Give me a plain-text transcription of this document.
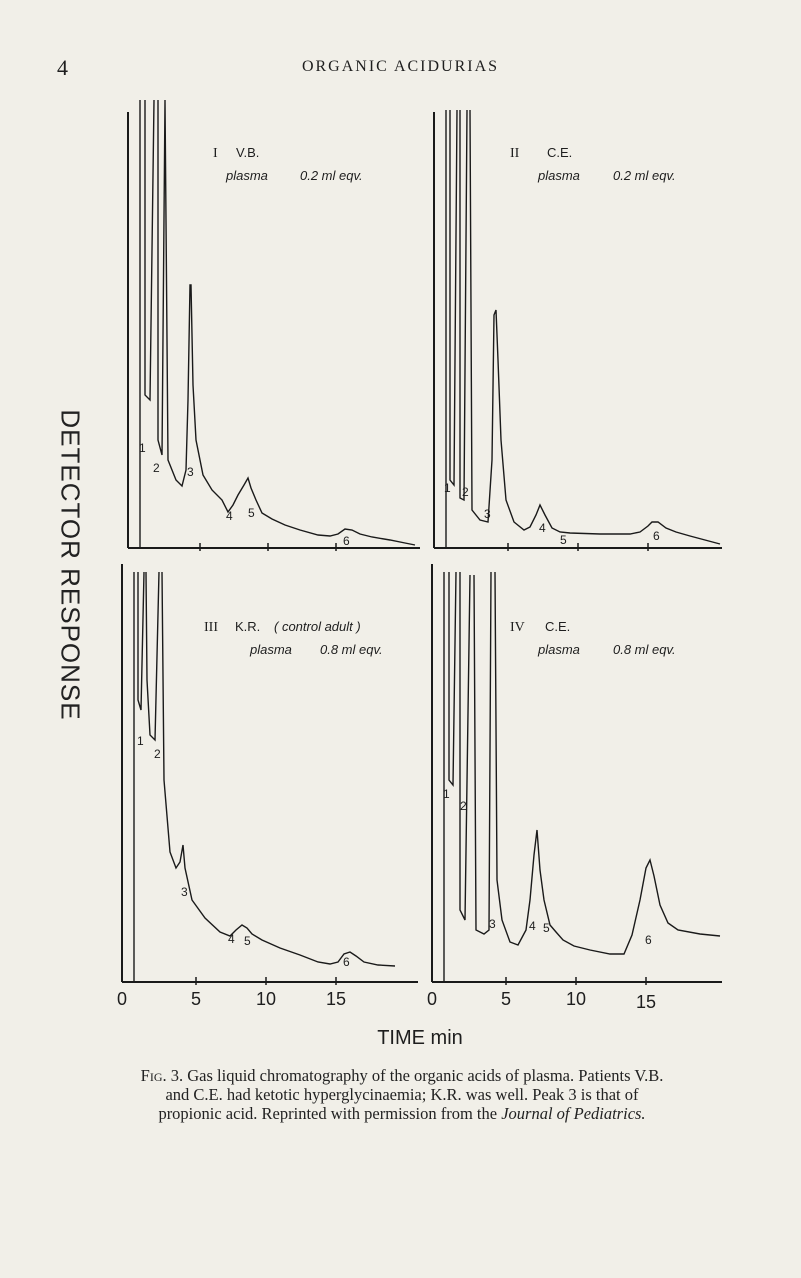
4	ORGANIC ACIDURIAS
DETECTOR RESPONSE
I V.B.
plasma 0.2 ml eqv.
II C.E.
plasma	0.2 ml eqv.
III K.R. ( control adult )
plasma 0.8 ml eqv.
IV C.E.
plasma	0.8 ml eqv.
1
2 3
4 5
6
1 2
3
4
5	6
1
2
3
4 5
6
1
2
3	4 5
6
0	5	10	15	0	5	10	15
TIME min
Fig. 3. Gas liquid chromatography of the organic acids of plasma. Patients V.B. and C.E. had ketotic hyperglycinaemia; K.R. was well. Peak 3 is that of propionic acid. Reprinted with permission from the Journal of Pediatrics.
